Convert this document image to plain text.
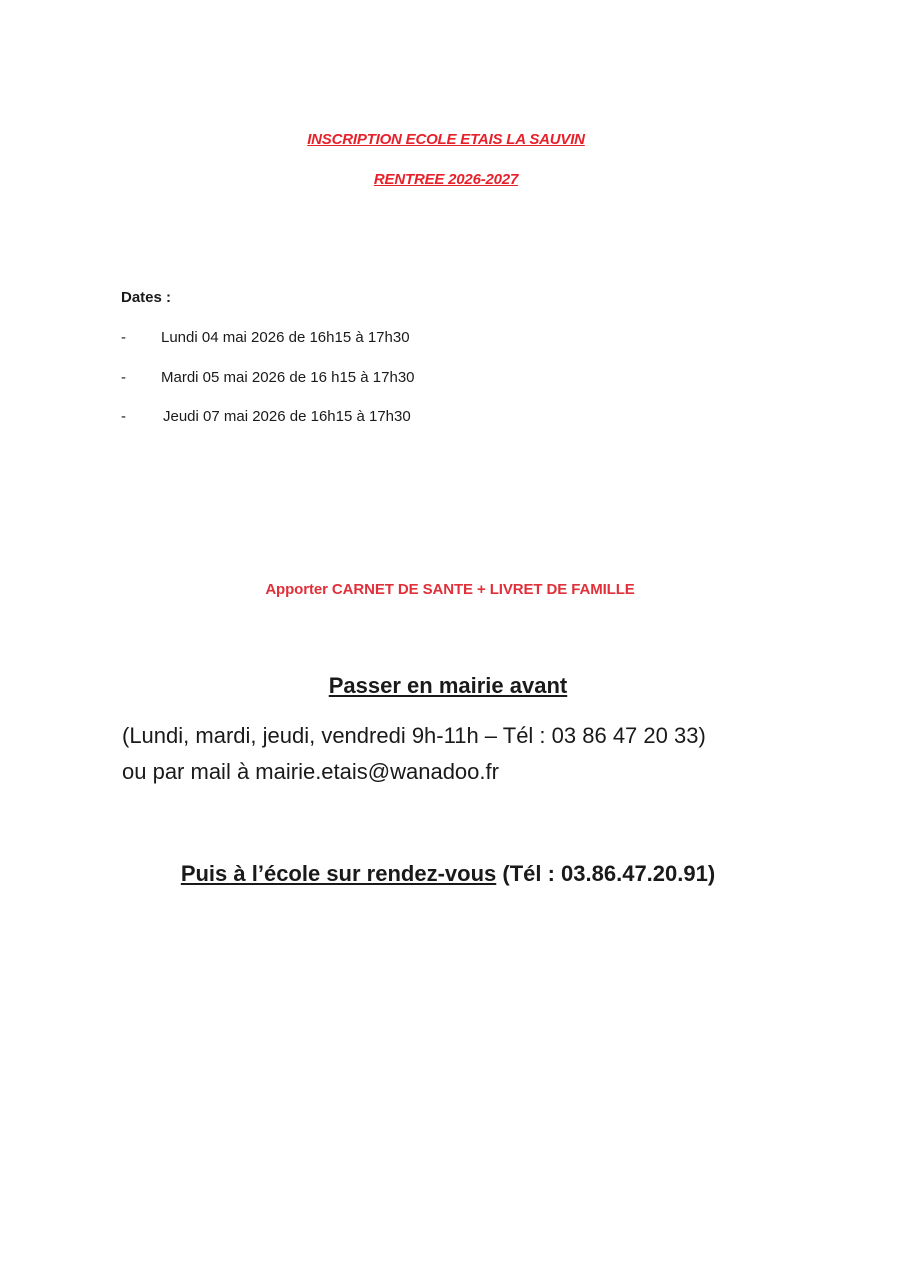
INSCRIPTION ECOLE ETAIS LA SAUVIN

RENTREE 2026-2027

Dates :

-	Lundi 04 mai 2026 de 16h15 à 17h30
-	Mardi 05 mai 2026 de 16 h15 à 17h30
-	Jeudi 07 mai 2026 de 16h15 à 17h30

Apporter CARNET DE SANTE + LIVRET DE FAMILLE

Passer en mairie avant

(Lundi, mardi, jeudi, vendredi 9h-11h – Tél : 03 86 47 20 33)

ou par mail à mairie.etais@wanadoo.fr

Puis à l’école sur rendez-vous (Tél : 03.86.47.20.91)
